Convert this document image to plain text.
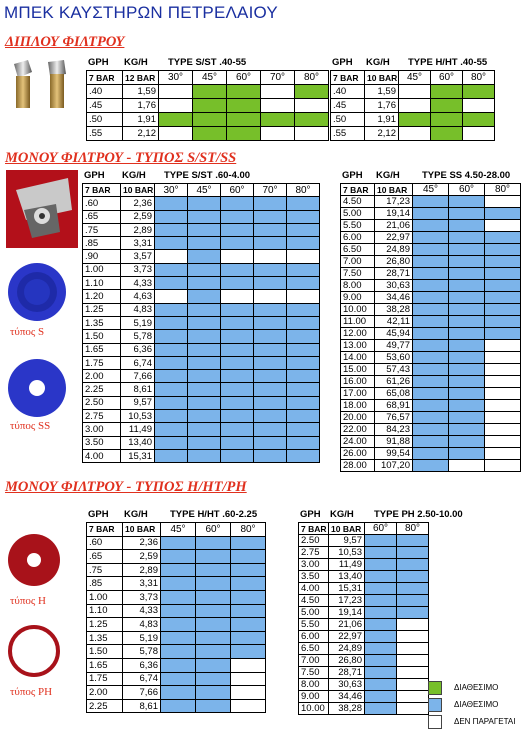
ΜΠΕΚ ΚΑΥΣΤΗΡΩΝ ΠΕΤΡΕΛΑΙΟΥ
ΔΙΠΛΟΥ ΦΙΛΤΡΟΥ
ΜΟΝΟΥ ΦΙΛΤΡΟΥ - ΤΥΠΟΣ S/ST/SS
ΜΟΝΟΥ ΦΙΛΤΡΟΥ - ΤΥΠΟΣ Η/ΗΤ/ΡΗ
τύπος S
τύπος SS
τύπος H
τύπος PH
GPH KG/H TYPE S/ST .40-55
7 BAR	12 BAR	30°	45°	60°	70°	80°
.40	1,59					
.45	1,76					
.50	1,91					
.55	2,12					
GPH KG/H TYPE H/HT .40-55
7 BAR	10 BAR	45°	60°	80°
.40	1,59			
.45	1,76			
.50	1,91			
.55	2,12			
GPH KG/H TYPE S/ST .60-4.00
7 BAR	10 BAR	30°	45°	60°	70°	80°
.60	2,36					
.65	2,59					
.75	2,89					
.85	3,31					
.90	3,57					
1.00	3,73					
1.10	4,33					
1.20	4,63					
1.25	4,83					
1.35	5,19					
1.50	5,78					
1.65	6,36					
1.75	6,74					
2.00	7,66					
2.25	8,61					
2.50	9,57					
2.75	10,53					
3.00	11,49					
3.50	13,40					
4.00	15,31					
GPH KG/H TYPE SS 4.50-28.00
7 BAR	10 BAR	45°	60°	80°
4.50	17,23			
5.00	19,14			
5.50	21,06			
6.00	22,97			
6.50	24,89			
7.00	26,80			
7.50	28,71			
8.00	30,63			
9.00	34,46			
10.00	38,28			
11.00	42,11			
12.00	45,94			
13.00	49,77			
14.00	53,60			
15.00	57,43			
16.00	61,26			
17.00	65,08			
18.00	68,91			
20.00	76,57			
22.00	84,23			
24.00	91,88			
26.00	99,54			
28.00	107,20			
GPH KG/H TYPE H/HT .60-2.25
7 BAR	10 BAR	45°	60°	80°
.60	2,36			
.65	2,59			
.75	2,89			
.85	3,31			
1.00	3,73			
1.10	4,33			
1.25	4,83			
1.35	5,19			
1.50	5,78			
1.65	6,36			
1.75	6,74			
2.00	7,66			
2.25	8,61			
GPH KG/H TYPE PH 2.50-10.00
7 BAR	10 BAR	60°	80°
2.50	9,57		
2.75	10,53		
3.00	11,49		
3.50	13,40		
4.00	15,31		
4.50	17,23		
5.00	19,14		
5.50	21,06		
6.00	22,97		
6.50	24,89		
7.00	26,80		
7.50	28,71		
8.00	30,63		
9.00	34,46		
10.00	38,28		
ΔΙΑΘΕΣΙΜΟ
ΔΙΑΘΕΣΙΜΟ
ΔΕΝ ΠΑΡΑΓΕΤΑΙ
